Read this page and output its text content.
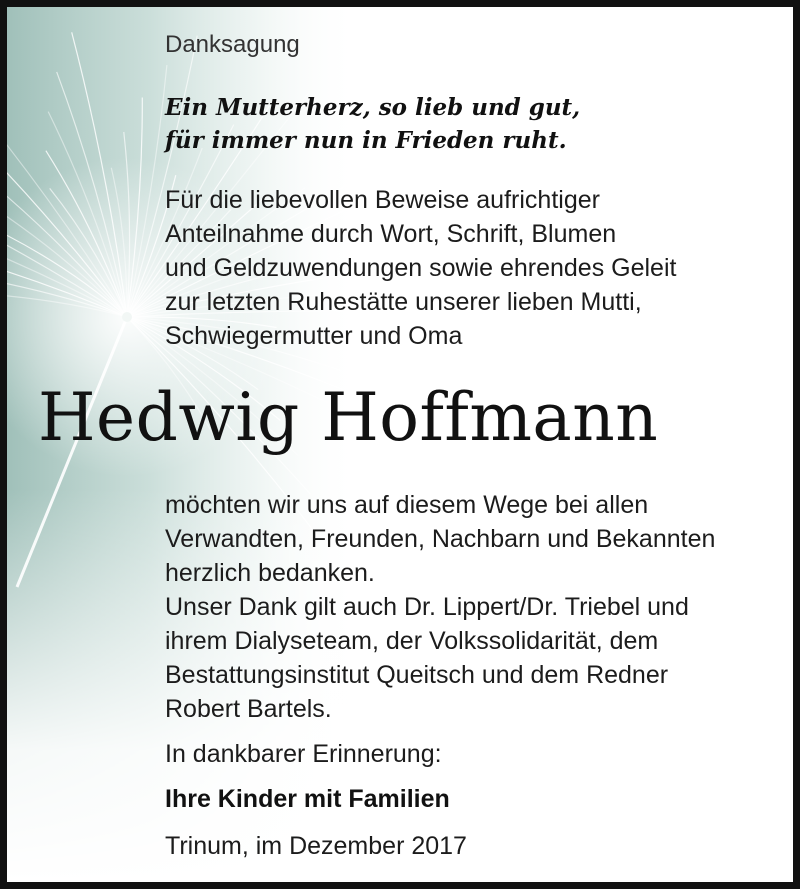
Danksagung
Ein Mutterherz, so lieb und gut,
für immer nun in Frieden ruht.
Für die liebevollen Beweise aufrichtiger
Anteilnahme durch Wort, Schrift, Blumen
und Geldzuwendungen sowie ehrendes Geleit
zur letzten Ruhestätte unserer lieben Mutti,
Schwiegermutter und Oma
Hedwig Hoffmann
möchten wir uns auf diesem Wege bei allen
Verwandten, Freunden, Nachbarn und Bekannten
herzlich bedanken.
Unser Dank gilt auch Dr. Lippert/Dr. Triebel und
ihrem Dialyseteam, der Volkssolidarität, dem
Bestattungsinstitut Queitsch und dem Redner
Robert Bartels.
In dankbarer Erinnerung:
Ihre Kinder mit Familien
Trinum, im Dezember 2017
